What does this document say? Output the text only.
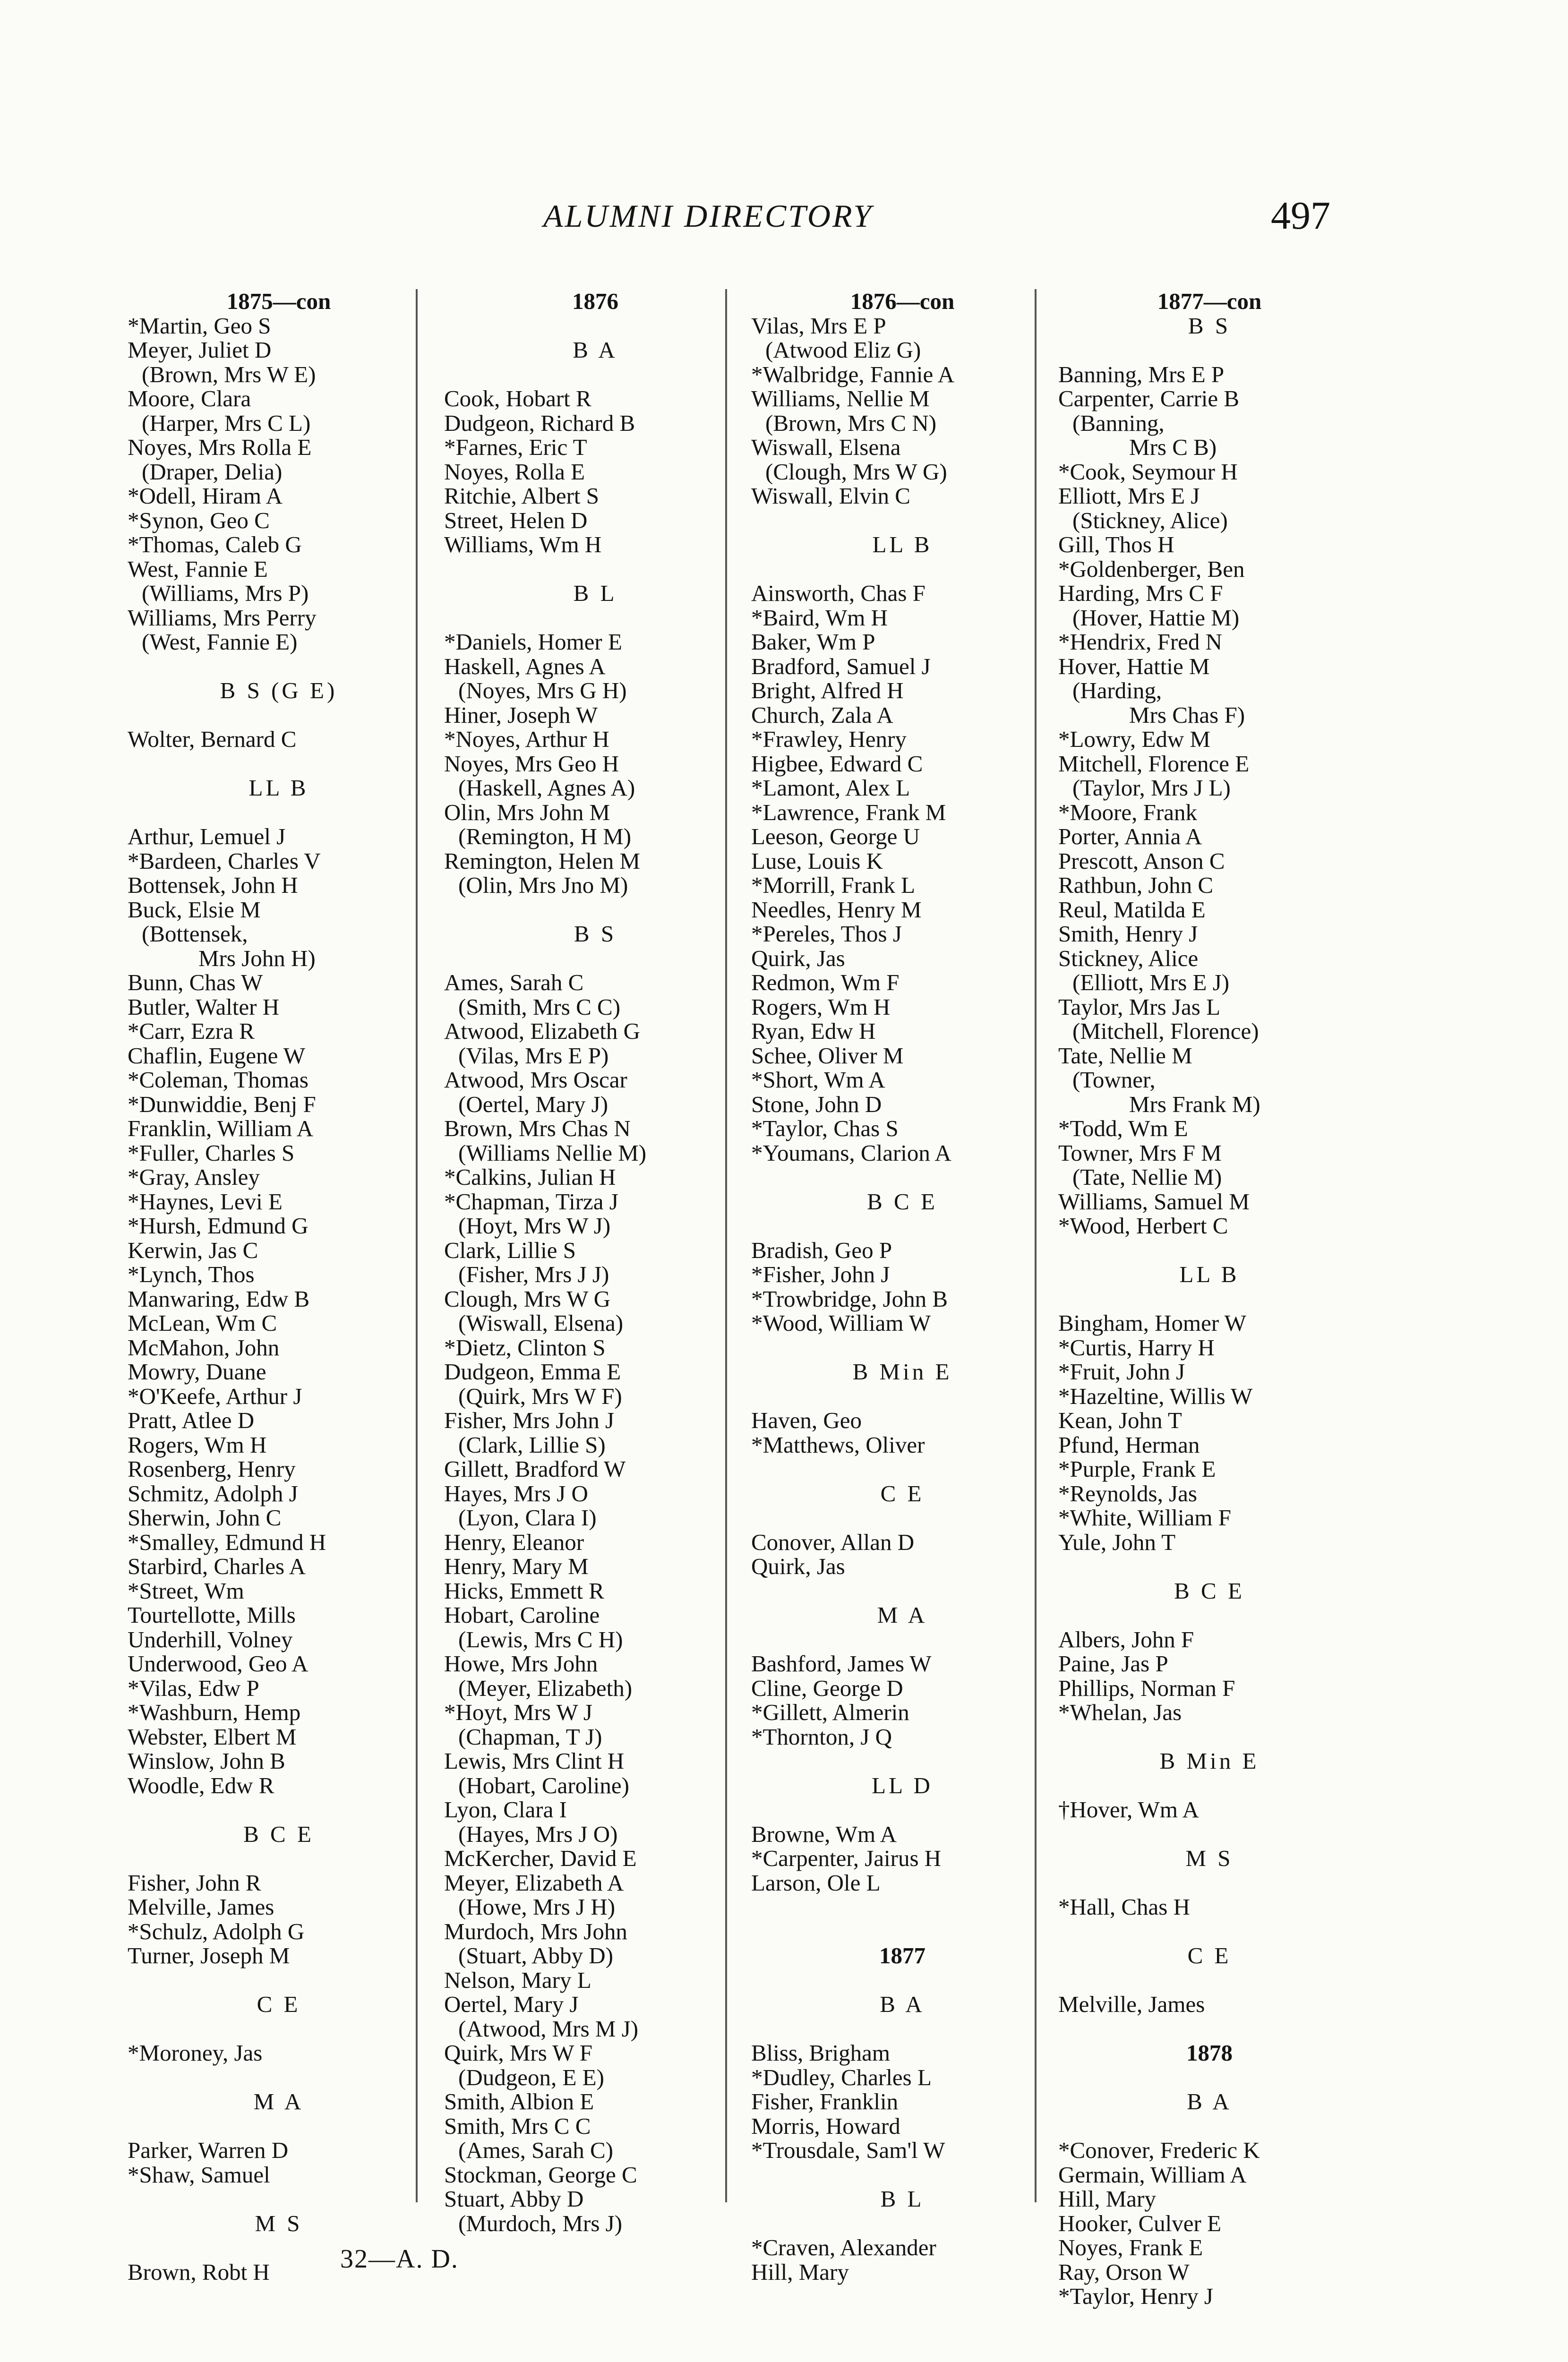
ALUMNI DIRECTORY	497
1875—con
*Martin, Geo S
Meyer, Juliet D
(Brown, Mrs W E)
Moore, Clara
(Harper, Mrs C L)
Noyes, Mrs Rolla E
(Draper, Delia)
*Odell, Hiram A
*Synon, Geo C
*Thomas, Caleb G
West, Fannie E
(Williams, Mrs P)
Williams, Mrs Perry
(West, Fannie E)
B S (G E)
Wolter, Bernard C
LL B
Arthur, Lemuel J
*Bardeen, Charles V
Bottensek, John H
Buck, Elsie M
(Bottensek,
Mrs John H)
Bunn, Chas W
Butler, Walter H
*Carr, Ezra R
Chaflin, Eugene W
*Coleman, Thomas
*Dunwiddie, Benj F
Franklin, William A
*Fuller, Charles S
*Gray, Ansley
*Haynes, Levi E
*Hursh, Edmund G
Kerwin, Jas C
*Lynch, Thos
Manwaring, Edw B
McLean, Wm C
McMahon, John
Mowry, Duane
*O'Keefe, Arthur J
Pratt, Atlee D
Rogers, Wm H
Rosenberg, Henry
Schmitz, Adolph J
Sherwin, John C
*Smalley, Edmund H
Starbird, Charles A
*Street, Wm
Tourtellotte, Mills
Underhill, Volney
Underwood, Geo A
*Vilas, Edw P
*Washburn, Hemp
Webster, Elbert M
Winslow, John B
Woodle, Edw R
B C E
Fisher, John R
Melville, James
*Schulz, Adolph G
Turner, Joseph M
C E
*Moroney, Jas
M A
Parker, Warren D
*Shaw, Samuel
M S
Brown, Robt H
1876
B A
Cook, Hobart R
Dudgeon, Richard B
*Farnes, Eric T
Noyes, Rolla E
Ritchie, Albert S
Street, Helen D
Williams, Wm H
B L
*Daniels, Homer E
Haskell, Agnes A
(Noyes, Mrs G H)
Hiner, Joseph W
*Noyes, Arthur H
Noyes, Mrs Geo H
(Haskell, Agnes A)
Olin, Mrs John M
(Remington, H M)
Remington, Helen M
(Olin, Mrs Jno M)
B S
Ames, Sarah C
(Smith, Mrs C C)
Atwood, Elizabeth G
(Vilas, Mrs E P)
Atwood, Mrs Oscar
(Oertel, Mary J)
Brown, Mrs Chas N
(Williams Nellie M)
*Calkins, Julian H
*Chapman, Tirza J
(Hoyt, Mrs W J)
Clark, Lillie S
(Fisher, Mrs J J)
Clough, Mrs W G
(Wiswall, Elsena)
*Dietz, Clinton S
Dudgeon, Emma E
(Quirk, Mrs W F)
Fisher, Mrs John J
(Clark, Lillie S)
Gillett, Bradford W
Hayes, Mrs J O
(Lyon, Clara I)
Henry, Eleanor
Henry, Mary M
Hicks, Emmett R
Hobart, Caroline
(Lewis, Mrs C H)
Howe, Mrs John
(Meyer, Elizabeth)
*Hoyt, Mrs W J
(Chapman, T J)
Lewis, Mrs Clint H
(Hobart, Caroline)
Lyon, Clara I
(Hayes, Mrs J O)
McKercher, David E
Meyer, Elizabeth A
(Howe, Mrs J H)
Murdoch, Mrs John
(Stuart, Abby D)
Nelson, Mary L
Oertel, Mary J
(Atwood, Mrs M J)
Quirk, Mrs W F
(Dudgeon, E E)
Smith, Albion E
Smith, Mrs C C
(Ames, Sarah C)
Stockman, George C
Stuart, Abby D
(Murdoch, Mrs J)
1876—con
Vilas, Mrs E P
(Atwood Eliz G)
*Walbridge, Fannie A
Williams, Nellie M
(Brown, Mrs C N)
Wiswall, Elsena
(Clough, Mrs W G)
Wiswall, Elvin C
LL B
Ainsworth, Chas F
*Baird, Wm H
Baker, Wm P
Bradford, Samuel J
Bright, Alfred H
Church, Zala A
*Frawley, Henry
Higbee, Edward C
*Lamont, Alex L
*Lawrence, Frank M
Leeson, George U
Luse, Louis K
*Morrill, Frank L
Needles, Henry M
*Pereles, Thos J
Quirk, Jas
Redmon, Wm F
Rogers, Wm H
Ryan, Edw H
Schee, Oliver M
*Short, Wm A
Stone, John D
*Taylor, Chas S
*Youmans, Clarion A
B C E
Bradish, Geo P
*Fisher, John J
*Trowbridge, John B
*Wood, William W
B Min E
Haven, Geo
*Matthews, Oliver
C E
Conover, Allan D
Quirk, Jas
M A
Bashford, James W
Cline, George D
*Gillett, Almerin
*Thornton, J Q
LL D
Browne, Wm A
*Carpenter, Jairus H
Larson, Ole L
1877
B A
Bliss, Brigham
*Dudley, Charles L
Fisher, Franklin
Morris, Howard
*Trousdale, Sam'l W
B L
*Craven, Alexander
Hill, Mary
1877—con
B S
Banning, Mrs E P
Carpenter, Carrie B
(Banning,
Mrs C B)
*Cook, Seymour H
Elliott, Mrs E J
(Stickney, Alice)
Gill, Thos H
*Goldenberger, Ben
Harding, Mrs C F
(Hover, Hattie M)
*Hendrix, Fred N
Hover, Hattie M
(Harding,
Mrs Chas F)
*Lowry, Edw M
Mitchell, Florence E
(Taylor, Mrs J L)
*Moore, Frank
Porter, Annia A
Prescott, Anson C
Rathbun, John C
Reul, Matilda E
Smith, Henry J
Stickney, Alice
(Elliott, Mrs E J)
Taylor, Mrs Jas L
(Mitchell, Florence)
Tate, Nellie M
(Towner,
Mrs Frank M)
*Todd, Wm E
Towner, Mrs F M
(Tate, Nellie M)
Williams, Samuel M
*Wood, Herbert C
LL B
Bingham, Homer W
*Curtis, Harry H
*Fruit, John J
*Hazeltine, Willis W
Kean, John T
Pfund, Herman
*Purple, Frank E
*Reynolds, Jas
*White, William F
Yule, John T
B C E
Albers, John F
Paine, Jas P
Phillips, Norman F
*Whelan, Jas
B Min E
†Hover, Wm A
M S
*Hall, Chas H
C E
Melville, James
1878
B A
*Conover, Frederic K
Germain, William A
Hill, Mary
Hooker, Culver E
Noyes, Frank E
Ray, Orson W
*Taylor, Henry J
32—A. D.
